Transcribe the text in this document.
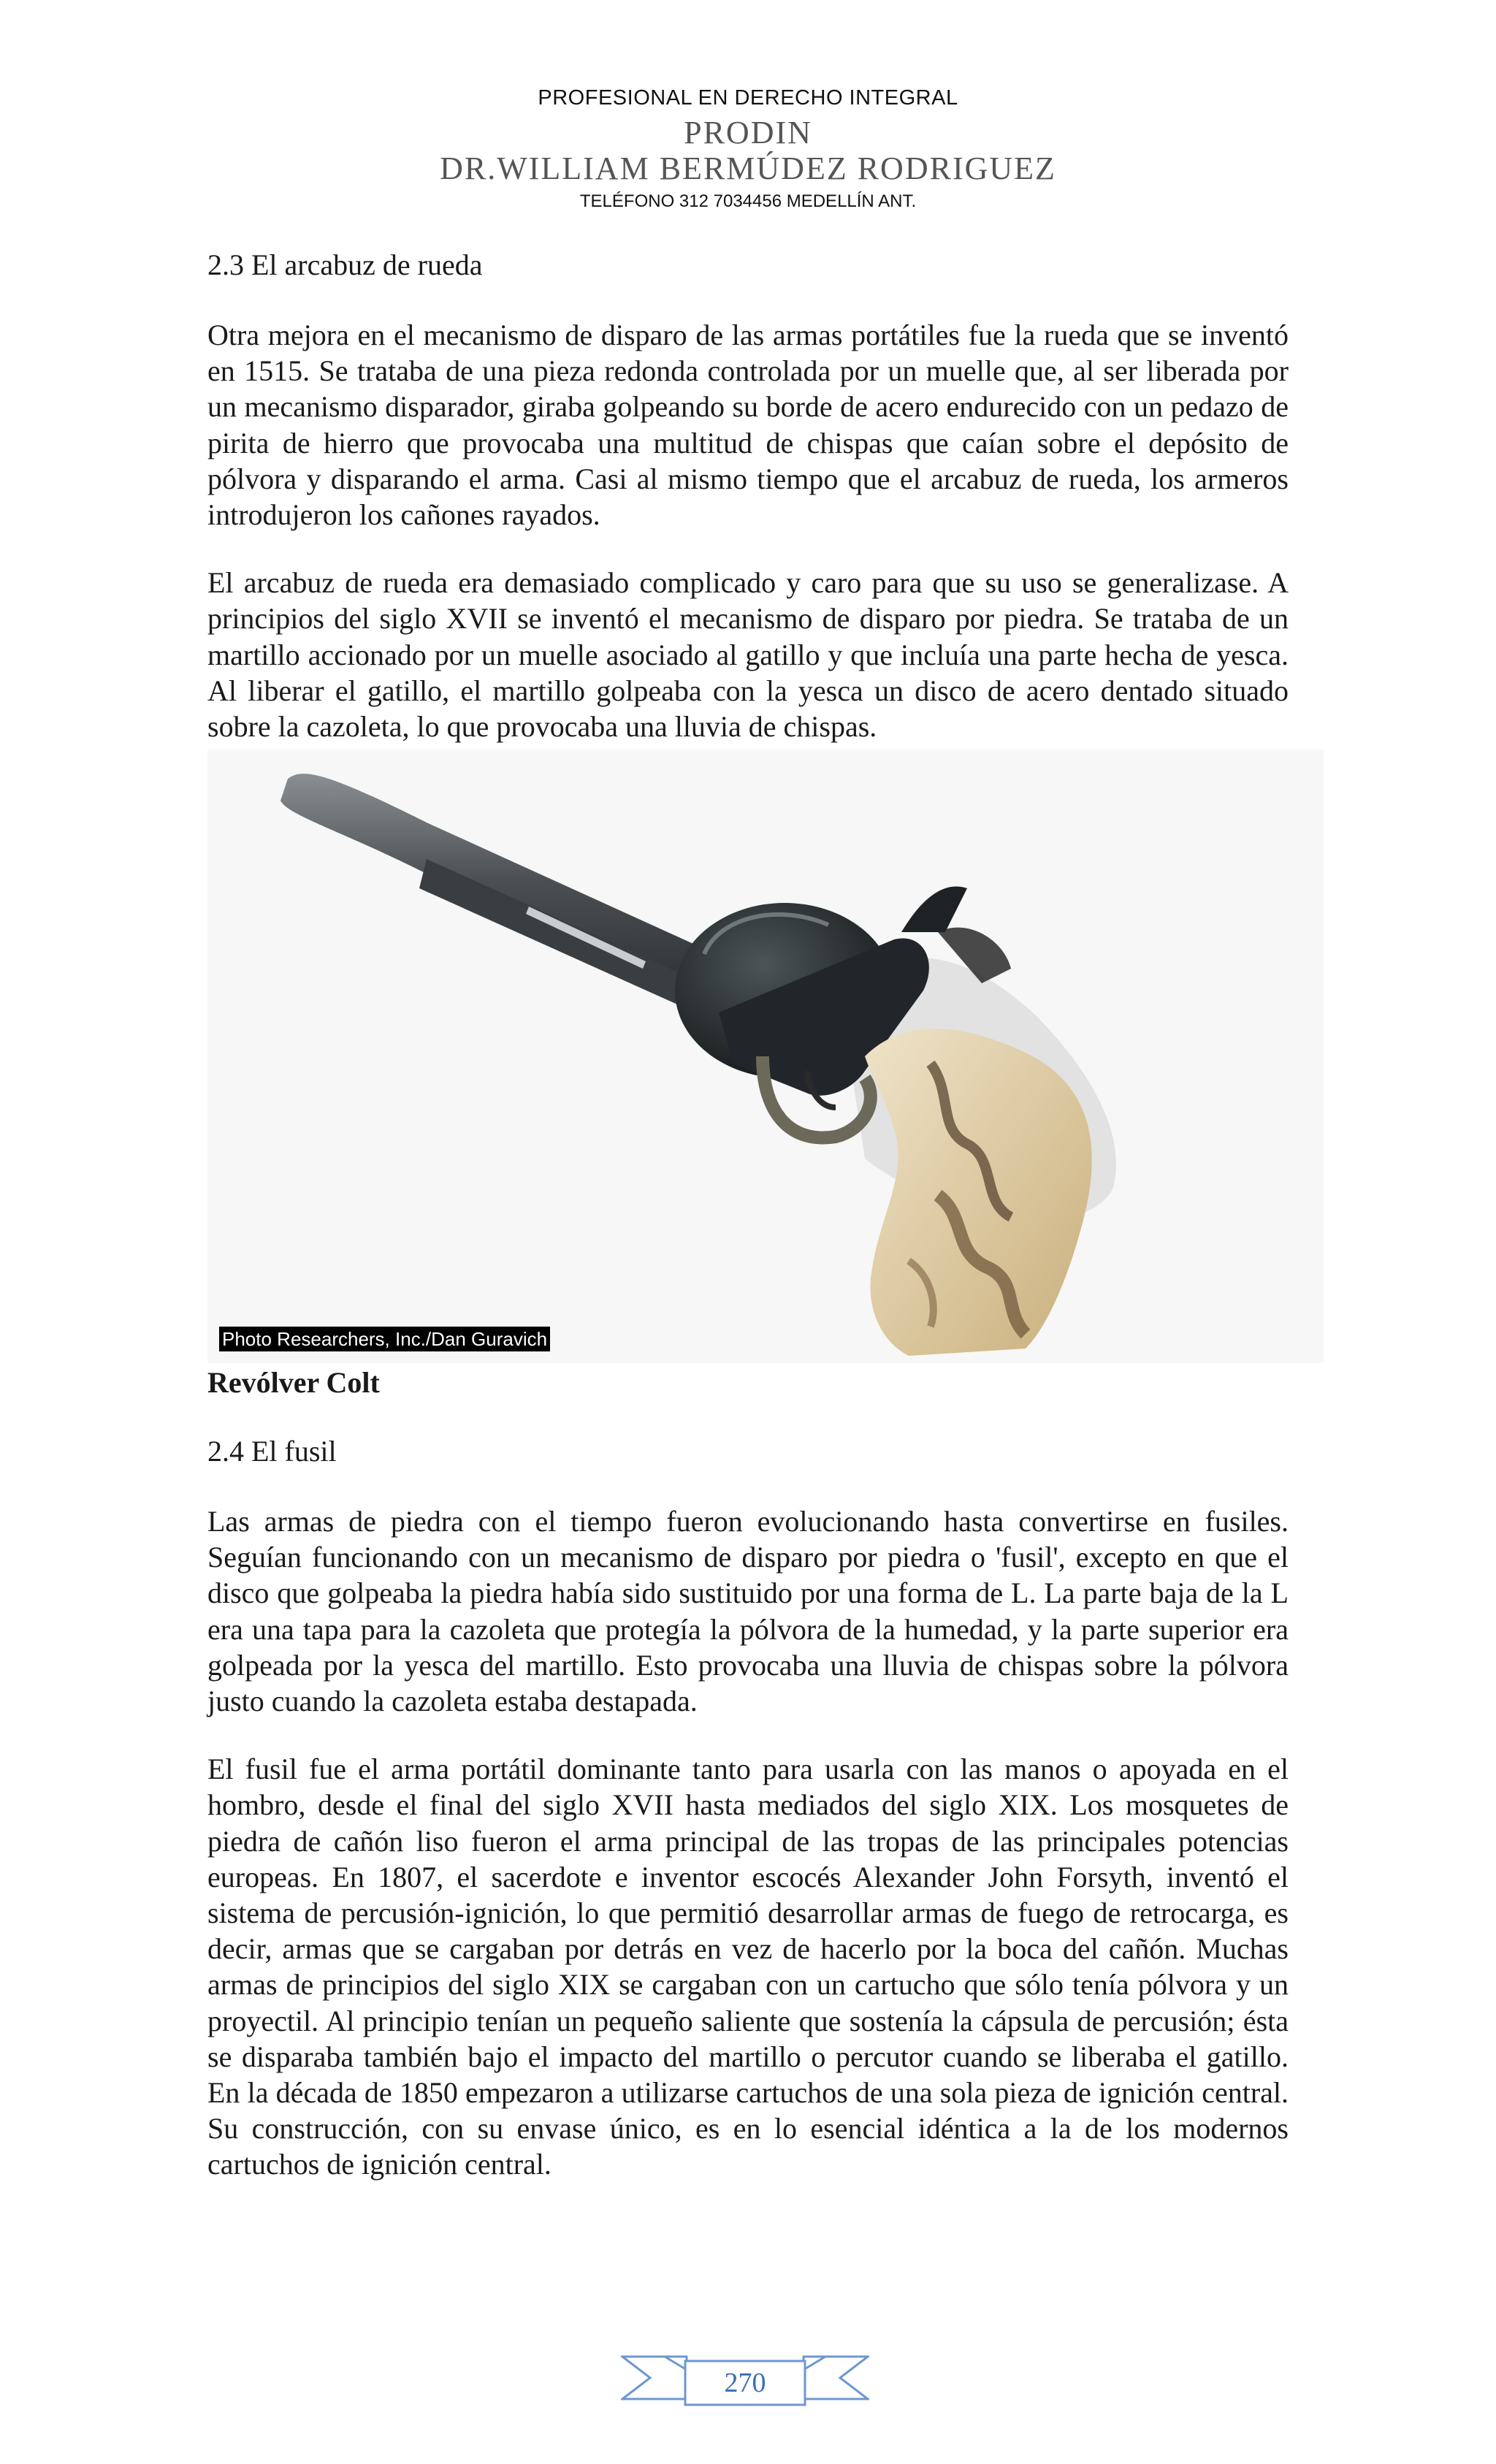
PROFESIONAL EN DERECHO INTEGRAL
PRODIN
DR.WILLIAM BERMÚDEZ RODRIGUEZ
TELÉFONO 312 7034456 MEDELLÍN ANT.

2.3 El arcabuz de rueda

Otra mejora en el mecanismo de disparo de las armas portátiles fue la rueda que se inventó en 1515. Se trataba de una pieza redonda controlada por un muelle que, al ser liberada por un mecanismo disparador, giraba golpeando su borde de acero endurecido con un pedazo de pirita de hierro que provocaba una multitud de chispas que caían sobre el depósito de pólvora y disparando el arma. Casi al mismo tiempo que el arcabuz de rueda, los armeros introdujeron los cañones rayados.

El arcabuz de rueda era demasiado complicado y caro para que su uso se generalizase. A principios del siglo XVII se inventó el mecanismo de disparo por piedra. Se trataba de un martillo accionado por un muelle asociado al gatillo y que incluía una parte hecha de yesca. Al liberar el gatillo, el martillo golpeaba con la yesca un disco de acero dentado situado sobre la cazoleta, lo que provocaba una lluvia de chispas.

Photo Researchers, Inc./Dan Guravich

Revólver Colt

2.4 El fusil

Las armas de piedra con el tiempo fueron evolucionando hasta convertirse en fusiles. Seguían funcionando con un mecanismo de disparo por piedra o 'fusil', excepto en que el disco que golpeaba la piedra había sido sustituido por una forma de L. La parte baja de la L era una tapa para la cazoleta que protegía la pólvora de la humedad, y la parte superior era golpeada por la yesca del martillo. Esto provocaba una lluvia de chispas sobre la pólvora justo cuando la cazoleta estaba destapada.

El fusil fue el arma portátil dominante tanto para usarla con las manos o apoyada en el hombro, desde el final del siglo XVII hasta mediados del siglo XIX. Los mosquetes de piedra de cañón liso fueron el arma principal de las tropas de las principales potencias europeas. En 1807, el sacerdote e inventor escocés Alexander John Forsyth, inventó el sistema de percusión-ignición, lo que permitió desarrollar armas de fuego de retrocarga, es decir, armas que se cargaban por detrás en vez de hacerlo por la boca del cañón. Muchas armas de principios del siglo XIX se cargaban con un cartucho que sólo tenía pólvora y un proyectil. Al principio tenían un pequeño saliente que sostenía la cápsula de percusión; ésta se disparaba también bajo el impacto del martillo o percutor cuando se liberaba el gatillo. En la década de 1850 empezaron a utilizarse cartuchos de una sola pieza de ignición central. Su construcción, con su envase único, es en lo esencial idéntica a la de los modernos cartuchos de ignición central.

270
